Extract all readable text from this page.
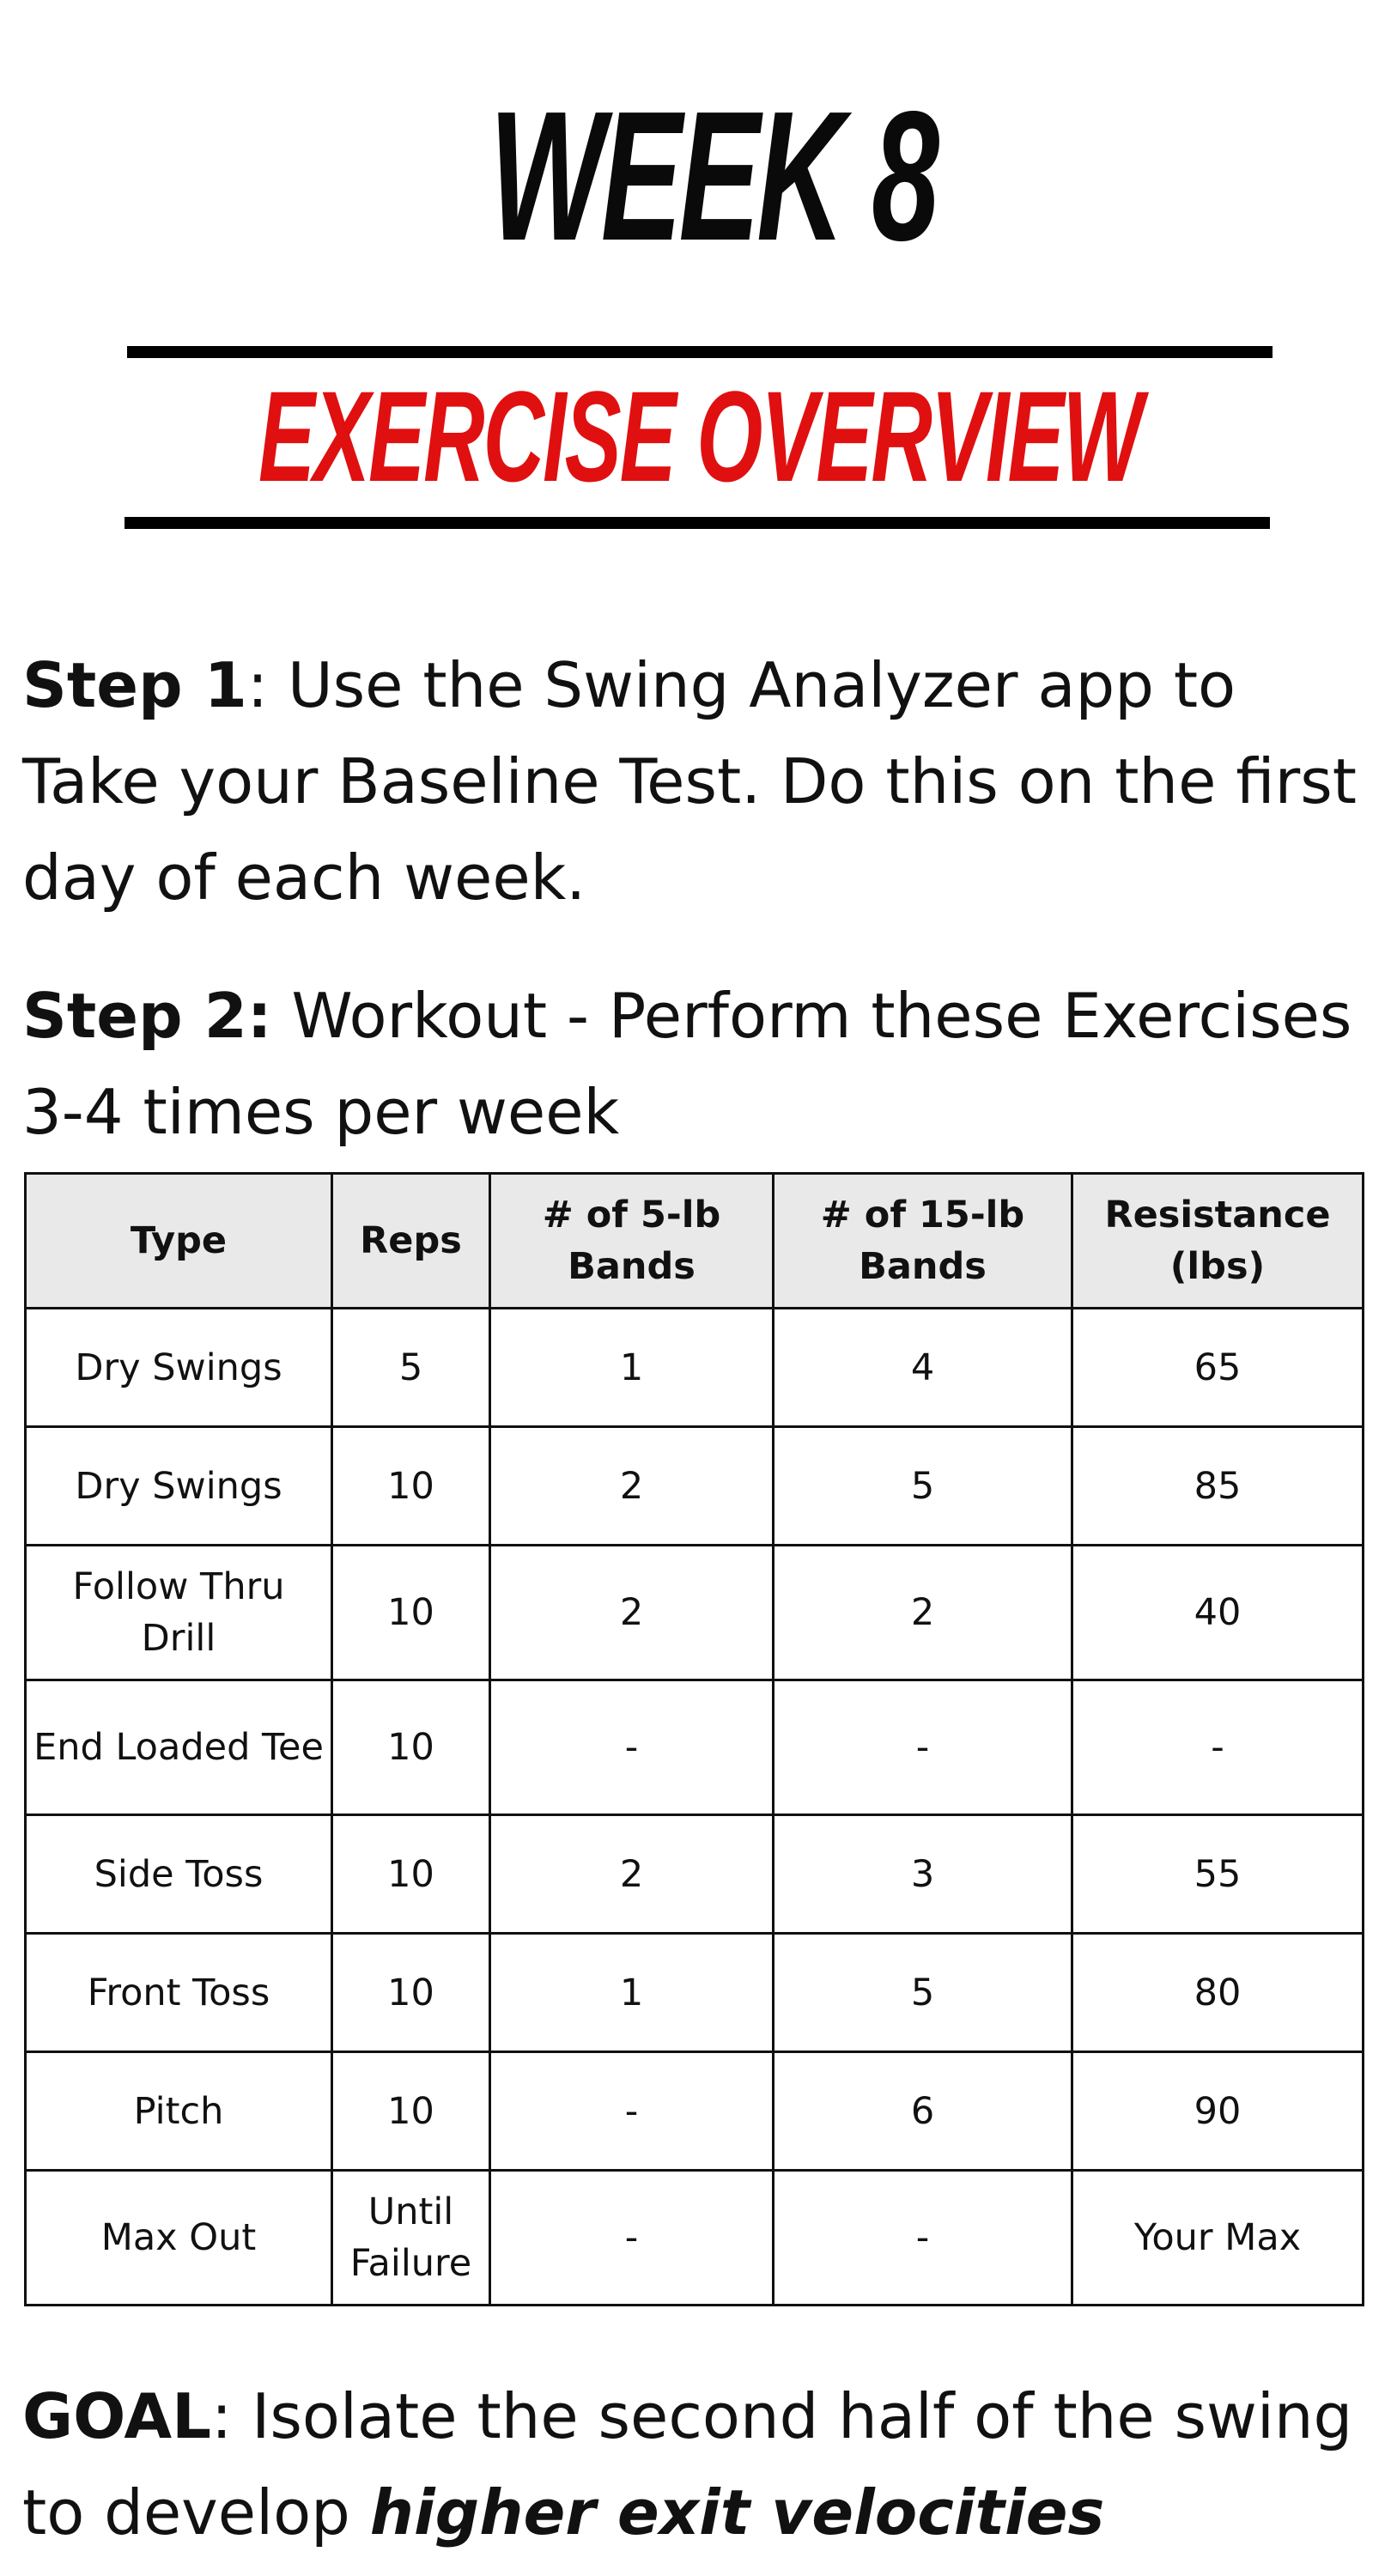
WEEK 8
EXERCISE OVERVIEW
Step 1: Use the Swing Analyzer app to Take your Baseline Test. Do this on the first day of each week.
Step 2: Workout - Perform these Exercises 3-4 times per week
Type	Reps	# of 5-lb Bands	# of 15-lb Bands	Resistance (lbs)
Dry Swings	5	1	4	65
Dry Swings	10	2	5	85
Follow Thru Drill	10	2	2	40
End Loaded Tee	10	-	-	-
Side Toss	10	2	3	55
Front Toss	10	1	5	80
Pitch	10	-	6	90
Max Out	Until Failure	-	-	Your Max
GOAL: Isolate the second half of the swing to develop higher exit velocities
